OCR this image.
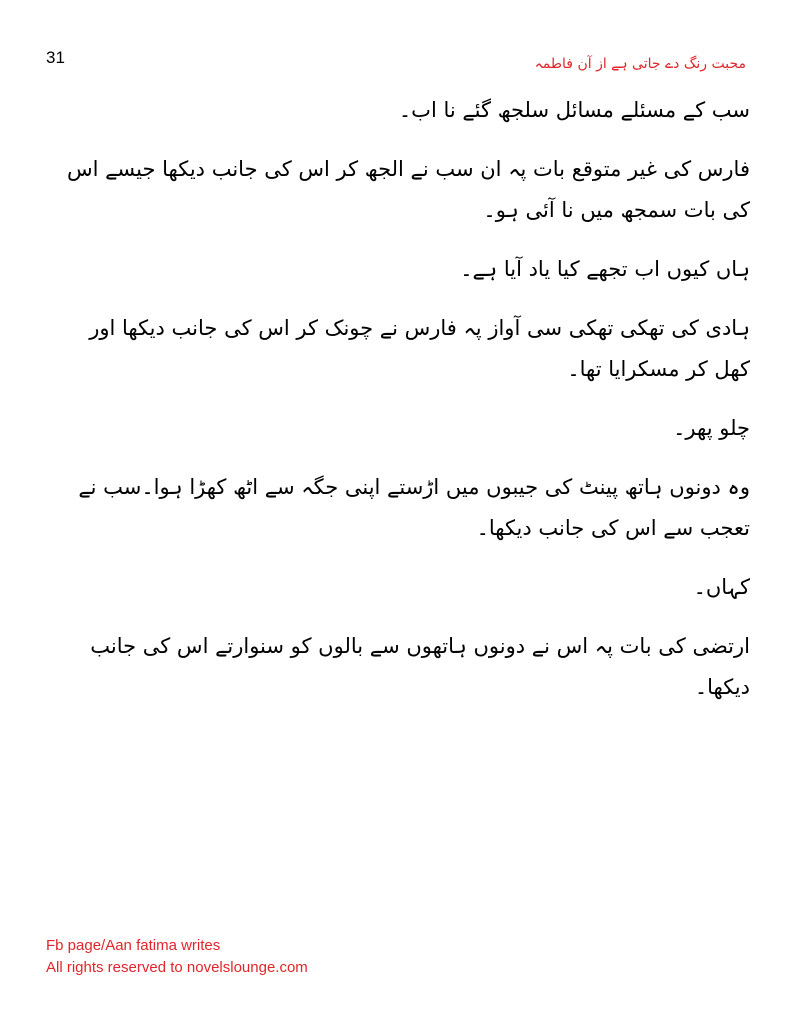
31	محبت رنگ دے جاتی ہے از آن فاطمہ

سب کے مسئلے مسائل سلجھ گئے نا اب۔

فارس کی غیر متوقع بات پہ ان سب نے الجھ کر اس کی جانب دیکھا جیسے اس کی بات سمجھ میں نا آئی ہو۔

ہاں کیوں اب تجھے کیا یاد آیا ہے۔

ہادی کی تھکی تھکی سی آواز پہ فارس نے چونک کر اس کی جانب دیکھا اور کھل کر مسکرایا تھا۔

چلو پھر۔

وہ دونوں ہاتھ پینٹ کی جیبوں میں اڑستے اپنی جگہ سے اٹھ کھڑا ہوا۔سب نے تعجب سے اس کی جانب دیکھا۔

کہاں۔

ارتضی کی بات پہ اس نے دونوں ہاتھوں سے بالوں کو سنوارتے اس کی جانب دیکھا۔

Fb page/Aan fatima writes
All rights reserved to novelslounge.com
